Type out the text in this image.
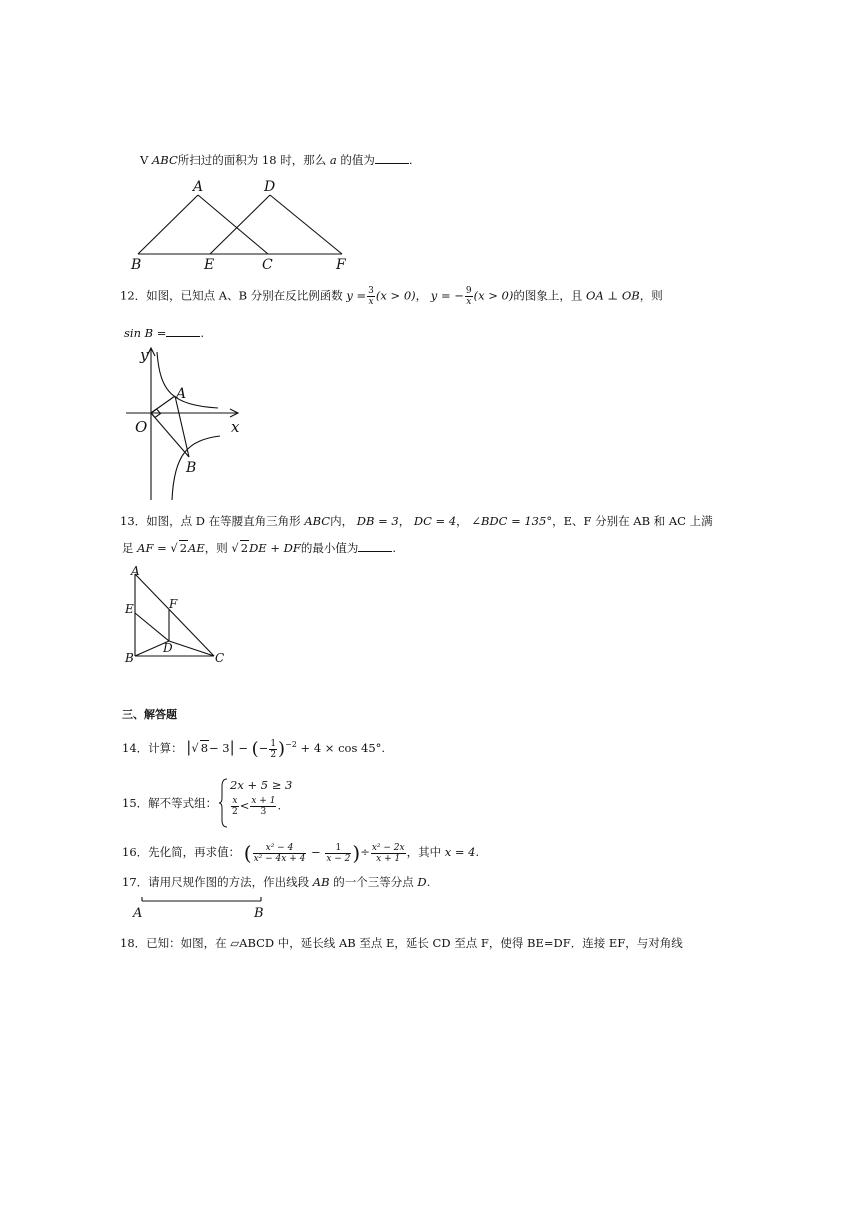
V ABC所扫过的面积为 18 时，那么 a 的值为	.
A	D
B	E	C	F
12．如图，已知点 A、B 分别在反比例函数 $y = \frac{3}{x} (x > 0)$， y = − $\frac{9}{x} (x > 0)$的图象上，且 OA ⊥ OB，则
sin B =	.
y
A
O	x
B
13．如图，点 D 在等腰直角三角形 ABC内， DB = 3， DC = 4， ∠BDC = 135°，E、F 分别在 AB 和 AC 上满
足 AF = √ 2AE，则 √ 2DE + DF的最小值为	.
A
E	F
D
B	C
三、解答题
14．计算： |√ 8− 3| − (− $\frac{1}{2} )^{-2} + 4 \times \cos 45^\circ$.
15．解不等式组：
2x + 5 ≥ 3
$\frac{x}{2} < \frac{x + 1}{3}$ .
16．先化简，再求值： ( $\frac{\text{x² − 4}}{\text{x² − 4x + 4}} - \frac{1}{x - 2}$ )÷ $\frac{\text{x² − 2x}}{x + 1}$ ，其中 x = 4.
17．请用尺规作图的方法，作出线段 AB 的一个三等分点 D.
A	B
18．已知：如图，在 ▱ABCD 中，延长线 AB 至点 E，延长 CD 至点 F，使得 BE=DF．连接 EF，与对角线
